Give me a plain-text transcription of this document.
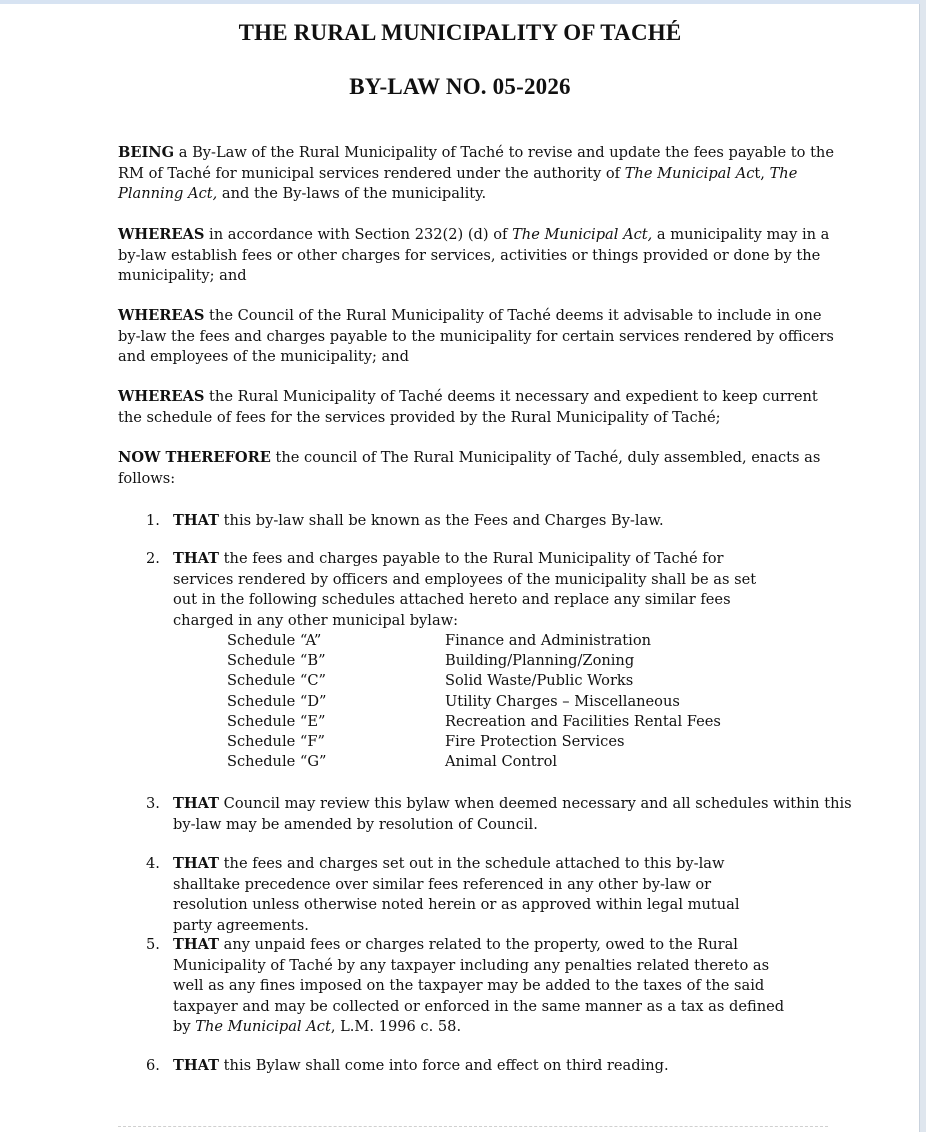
THE RURAL MUNICIPALITY OF TACHÉ
BY-LAW NO. 05-2026
BEING a By-Law of the Rural Municipality of Taché to revise and update the fees payable to the RM of Taché for municipal services rendered under the authority of The Municipal Act, The Planning Act, and the By-laws of the municipality.
WHEREAS in accordance with Section 232(2) (d) of The Municipal Act, a municipality may in a by-law establish fees or other charges for services, activities or things provided or done by the municipality; and
WHEREAS the Council of the Rural Municipality of Taché deems it advisable to include in one by-law the fees and charges payable to the municipality for certain services rendered by officers and employees of the municipality; and
WHEREAS the Rural Municipality of Taché deems it necessary and expedient to keep current the schedule of fees for the services provided by the Rural Municipality of Taché;
NOW THEREFORE the council of The Rural Municipality of Taché, duly assembled, enacts as follows:
1. THAT this by-law shall be known as the Fees and Charges By-law.
2. THAT the fees and charges payable to the Rural Municipality of Taché for services rendered by officers and employees of the municipality shall be as set out in the following schedules attached hereto and replace any similar fees charged in any other municipal bylaw:
Schedule “A”	Finance and Administration
Schedule “B”	Building/Planning/Zoning
Schedule “C”	Solid Waste/Public Works
Schedule “D”	Utility Charges – Miscellaneous
Schedule “E”	Recreation and Facilities Rental Fees
Schedule “F”	Fire Protection Services
Schedule “G”	Animal Control
3. THAT Council may review this bylaw when deemed necessary and all schedules within this by-law may be amended by resolution of Council.
4. THAT the fees and charges set out in the schedule attached to this by-law shalltake precedence over similar fees referenced in any other by-law or resolution unless otherwise noted herein or as approved within legal mutual party agreements.
5. THAT any unpaid fees or charges related to the property, owed to the Rural Municipality of Taché by any taxpayer including any penalties related thereto as well as any fines imposed on the taxpayer may be added to the taxes of the said taxpayer and may be collected or enforced in the same manner as a tax as defined by The Municipal Act, L.M. 1996 c. 58.
6. THAT this Bylaw shall come into force and effect on third reading.
